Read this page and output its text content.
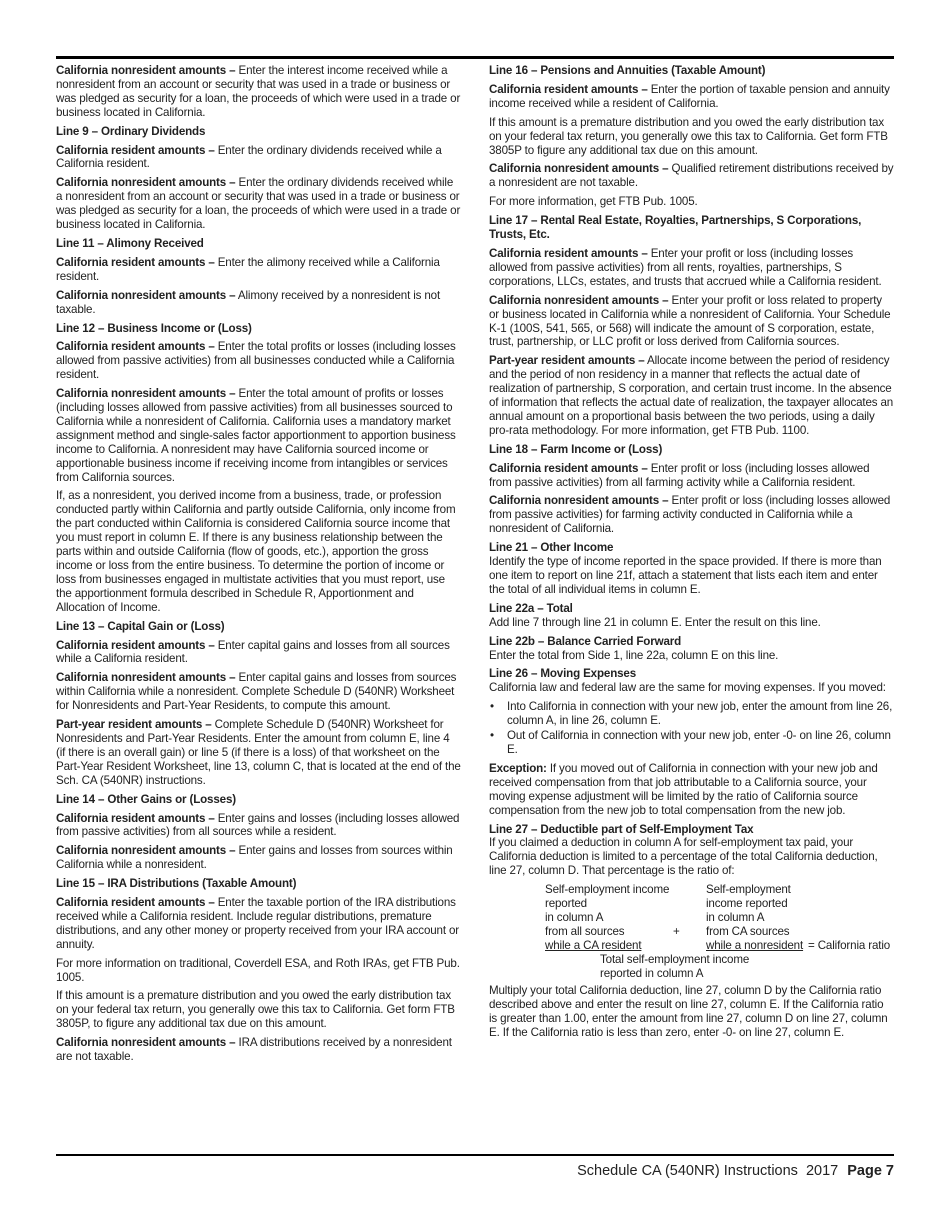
California nonresident amounts – Enter the interest income received while a nonresident from an account or security that was used in a trade or business or was pledged as security for a loan, the proceeds of which were used in a trade or business located in California.

Line 9 – Ordinary Dividends

California resident amounts – Enter the ordinary dividends received while a California resident.

California nonresident amounts – Enter the ordinary dividends received while a nonresident from an account or security that was used in a trade or business or was pledged as security for a loan, the proceeds of which were used in a trade or business located in California.

Line 11 – Alimony Received

California resident amounts – Enter the alimony received while a California resident.

California nonresident amounts – Alimony received by a nonresident is not taxable.

Line 12 – Business Income or (Loss)

California resident amounts – Enter the total profits or losses (including losses allowed from passive activities) from all businesses conducted while a California resident.

California nonresident amounts – Enter the total amount of profits or losses (including losses allowed from passive activities) from all businesses sourced to California while a nonresident of California. California uses a mandatory market assignment method and single-sales factor apportionment to apportion business income to California. A nonresident may have California sourced income or apportionable business income if receiving income from intangibles or services from California sources.

If, as a nonresident, you derived income from a business, trade, or profession conducted partly within California and partly outside California, only income from the part conducted within California is considered California source income that you must report in column E. If there is any business relationship between the parts within and outside California (flow of goods, etc.), apportion the gross income or loss from the entire business. To determine the portion of income or loss from businesses engaged in multistate activities that you must report, use the apportionment formula described in Schedule R, Apportionment and Allocation of Income.

Line 13 – Capital Gain or (Loss)

California resident amounts – Enter capital gains and losses from all sources while a California resident.

California nonresident amounts – Enter capital gains and losses from sources within California while a nonresident. Complete Schedule D (540NR) Worksheet for Nonresidents and Part-Year Residents, to compute this amount.

Part-year resident amounts – Complete Schedule D (540NR) Worksheet for Nonresidents and Part-Year Residents. Enter the amount from column E, line 4 (if there is an overall gain) or line 5 (if there is a loss) of that worksheet on the Part-Year Resident Worksheet, line 13, column C, that is located at the end of the Sch. CA (540NR) instructions.

Line 14 – Other Gains or (Losses)

California resident amounts – Enter gains and losses (including losses allowed from passive activities) from all sources while a resident.

California nonresident amounts – Enter gains and losses from sources within California while a nonresident.

Line 15 – IRA Distributions (Taxable Amount)

California resident amounts – Enter the taxable portion of the IRA distributions received while a California resident. Include regular distributions, premature distributions, and any other money or property received from your IRA account or annuity.

For more information on traditional, Coverdell ESA, and Roth IRAs, get FTB Pub. 1005.

If this amount is a premature distribution and you owed the early distribution tax on your federal tax return, you generally owe this tax to California. Get form FTB 3805P, to figure any additional tax due on this amount.

California nonresident amounts – IRA distributions received by a nonresident are not taxable.

Line 16 – Pensions and Annuities (Taxable Amount)

California resident amounts – Enter the portion of taxable pension and annuity income received while a resident of California.

If this amount is a premature distribution and you owed the early distribution tax on your federal tax return, you generally owe this tax to California. Get form FTB 3805P to figure any additional tax due on this amount.

California nonresident amounts – Qualified retirement distributions received by a nonresident are not taxable.

For more information, get FTB Pub. 1005.

Line 17 – Rental Real Estate, Royalties, Partnerships, S Corporations, Trusts, Etc.

California resident amounts – Enter your profit or loss (including losses allowed from passive activities) from all rents, royalties, partnerships, S corporations, LLCs, estates, and trusts that accrued while a California resident.

California nonresident amounts – Enter your profit or loss related to property or business located in California while a nonresident of California. Your Schedule K-1 (100S, 541, 565, or 568) will indicate the amount of S corporation, estate, trust, partnership, or LLC profit or loss derived from California sources.

Part-year resident amounts – Allocate income between the period of residency and the period of non residency in a manner that reflects the actual date of realization of partnership, S corporation, and certain trust income. In the absence of information that reflects the actual date of realization, the taxpayer allocates an annual amount on a proportional basis between the two periods, using a daily pro-rata methodology. For more information, get FTB Pub. 1100.

Line 18 – Farm Income or (Loss)

California resident amounts – Enter profit or loss (including losses allowed from passive activities) from all farming activity while a California resident.

California nonresident amounts – Enter profit or loss (including losses allowed from passive activities) for farming activity conducted in California while a nonresident of California.

Line 21 – Other Income

Identify the type of income reported in the space provided. If there is more than one item to report on line 21f, attach a statement that lists each item and enter the total of all individual items in column E.

Line 22a – Total

Add line 7 through line 21 in column E. Enter the result on this line.

Line 22b – Balance Carried Forward

Enter the total from Side 1, line 22a, column E on this line.

Line 26 – Moving Expenses

California law and federal law are the same for moving expenses. If you moved:

• Into California in connection with your new job, enter the amount from line 26, column A, in line 26, column E.
• Out of California in connection with your new job, enter -0- on line 26, column E.

Exception: If you moved out of California in connection with your new job and received compensation from that job attributable to a California source, your moving expense adjustment will be limited by the ratio of California source compensation from the new job to total compensation from the new job.

Line 27 – Deductible part of Self-Employment Tax

If you claimed a deduction in column A for self-employment tax paid, your California deduction is limited to a percentage of the total California deduction, line 27, column D. That percentage is the ratio of:

Self-employment income
reported
in column A
from all sources
while a CA resident
+
Self-employment
income reported
in column A
from CA sources
while a nonresident = California ratio
Total self-employment income
reported in column A

Multiply your total California deduction, line 27, column D by the California ratio described above and enter the result on line 27, column E. If the California ratio is greater than 1.00, enter the amount from line 27, column D on line 27, column E. If the California ratio is less than zero, enter -0- on line 27, column E.

Schedule CA (540NR) Instructions  2017 Page 7
